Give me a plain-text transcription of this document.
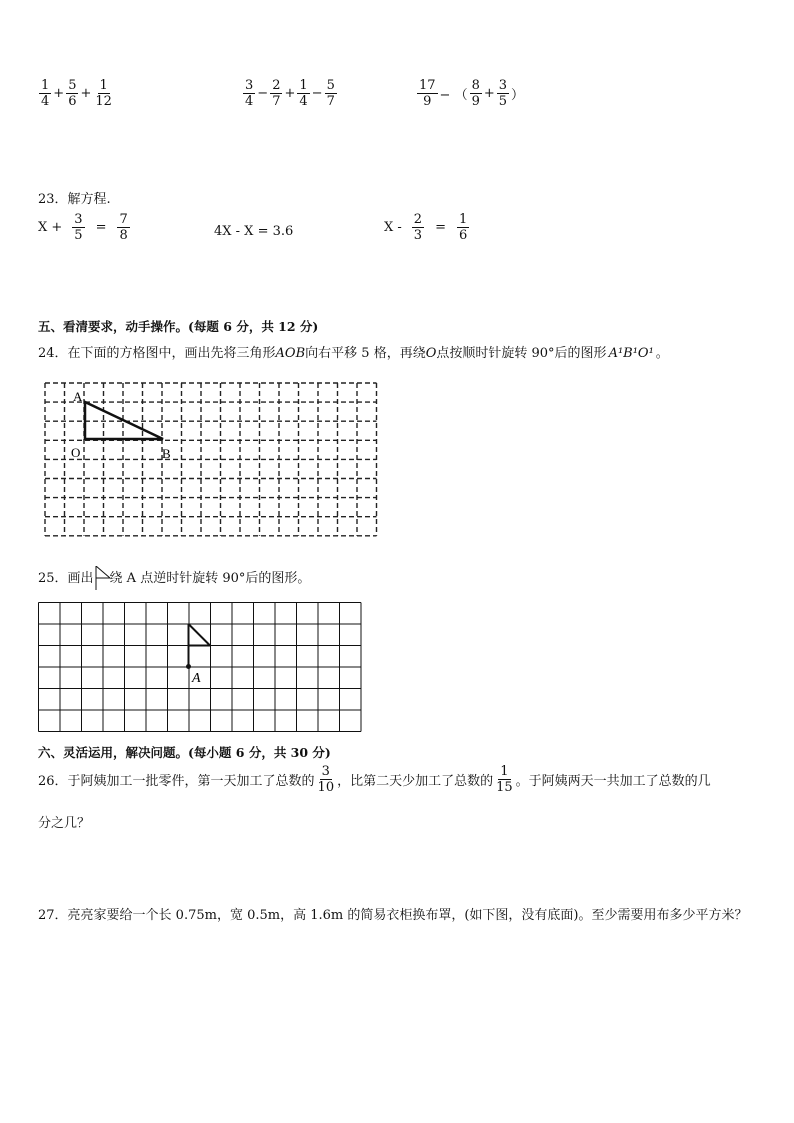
$\frac{1}{4} + \frac{5}{6} + \frac{1}{12}$	$\frac{3}{4} - \frac{2}{7} + \frac{1}{4} - \frac{5}{7}$	$\frac{17}{9}$ − （ $\frac{8}{9} + \frac{3}{5}$ ）
23．解方程.
$X + \frac{3}{5} = \frac{7}{8}$	4X - X = 3.6	$X - \frac{2}{3} = \frac{1}{6}$
五、看清要求，动手操作。(每题 6 分，共 12 分)
24．在下面的方格图中，画出先将三角形AOB向右平移 5 格，再绕O点按顺时针旋转 90°后的图形 A¹B¹O¹ 。
A
O	B
25．画出 绕 A 点逆时针旋转 90°后的图形。
A
六、灵活运用，解决问题。(每小题 6 分，共 30 分)
26．于阿姨加工一批零件，第一天加工了总数的 $\frac{3}{10}$ ，比第二天少加工了总数的 $\frac{1}{15}$ 。于阿姨两天一共加工了总数的几
分之几？
27．亮亮家要给一个长 0.75m，宽 0.5m，高 1.6m 的简易衣柜换布罩，(如下图，没有底面)。至少需要用布多少平方米？
